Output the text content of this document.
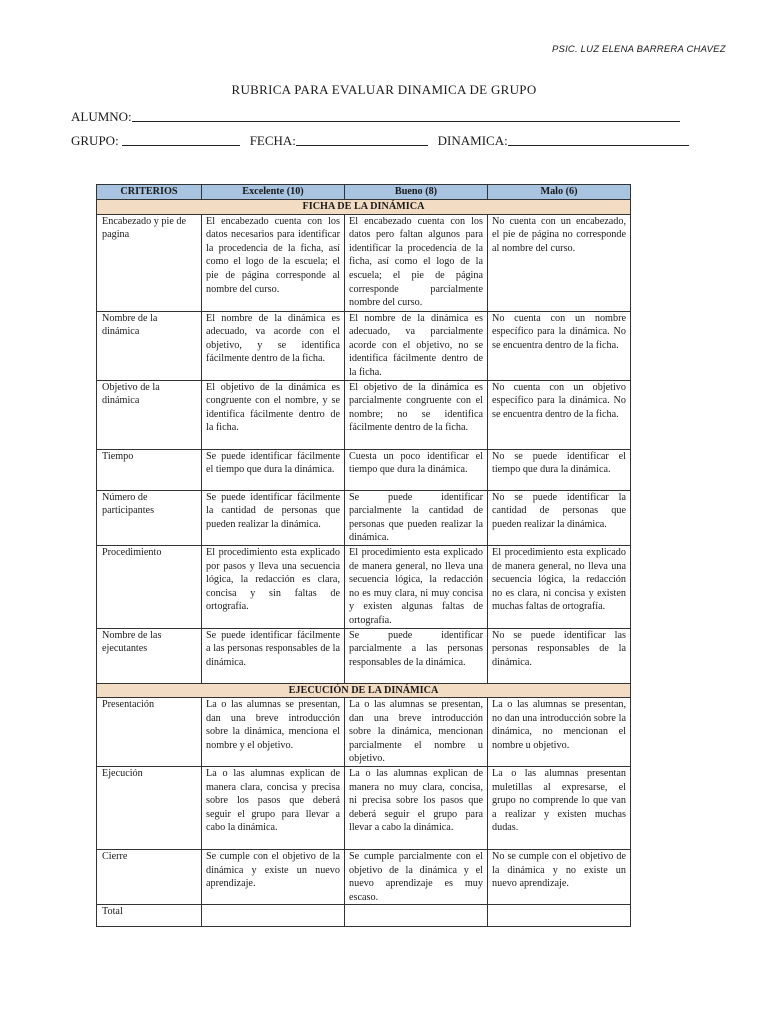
PSIC. LUZ ELENA BARRERA CHAVEZ
RUBRICA PARA EVALUAR DINAMICA DE GRUPO
ALUMNO:
GRUPO:	FECHA:	DINAMICA:
CRITERIOS	Excelente (10)	Bueno (8)	Malo (6)
FICHA DE LA DINÁMICA			
Encabezado y pie de pagina	El encabezado cuenta con los datos necesarios para identificar la procedencia de la ficha, así como el logo de la escuela; el pie de página corresponde al nombre del curso.	El encabezado cuenta con los datos pero faltan algunos para identificar la procedencia de la ficha, así como el logo de la escuela; el pie de página corresponde parcialmente nombre del curso.	No cuenta con un encabezado, el pie de página no corresponde al nombre del curso.
Nombre de la dinámica	El nombre de la dinámica es adecuado, va acorde con el objetivo, y se identifica fácilmente dentro de la ficha.	El nombre de la dinámica es adecuado, va parcialmente acorde con el objetivo, no se identifica fácilmente dentro de la ficha.	No cuenta con un nombre específico para la dinámica. No se encuentra dentro de la ficha.
Objetivo de la dinámica	El objetivo de la dinámica es congruente con el nombre, y se identifica fácilmente dentro de la ficha.	El objetivo de la dinámica es parcialmente congruente con el nombre; no se identifica fácilmente dentro de la ficha.	No cuenta con un objetivo específico para la dinámica. No se encuentra dentro de la ficha.
Tiempo	Se puede identificar fácilmente el tiempo que dura la dinámica.	Cuesta un poco identificar el tiempo que dura la dinámica.	No se puede identificar el tiempo que dura la dinámica.
Número de participantes	Se puede identificar fácilmente la cantidad de personas que pueden realizar la dinámica.	Se puede identificar parcialmente la cantidad de personas que pueden realizar la dinámica.	No se puede identificar la cantidad de personas que pueden realizar la dinámica.
Procedimiento	El procedimiento esta explicado por pasos y lleva una secuencia lógica, la redacción es clara, concisa y sin faltas de ortografía.	El procedimiento esta explicado de manera general, no lleva una secuencia lógica, la redacción no es muy clara, ni muy concisa y existen algunas faltas de ortografía.	El procedimiento esta explicado de manera general, no lleva una secuencia lógica, la redacción no es clara, ni concisa y existen muchas faltas de ortografía.
Nombre de las ejecutantes	Se puede identificar fácilmente a las personas responsables de la dinámica.	Se puede identificar parcialmente a las personas responsables de la dinámica.	No se puede identificar las personas responsables de la dinámica.
EJECUCIÓN DE LA DINÁMICA			
Presentación	La o las alumnas se presentan, dan una breve introducción sobre la dinámica, menciona el nombre y el objetivo.	La o las alumnas se presentan, dan una breve introducción sobre la dinámica, mencionan parcialmente el nombre u objetivo.	La o las alumnas se presentan, no dan una introducción sobre la dinámica, no mencionan el nombre u objetivo.
Ejecución	La o las alumnas explican de manera clara, concisa y precisa sobre los pasos que deberá seguir el grupo para llevar a cabo la dinámica.	La o las alumnas explican de manera no muy clara, concisa, ni precisa sobre los pasos que deberá seguir el grupo para llevar a cabo la dinámica.	La o las alumnas presentan muletillas al expresarse, el grupo no comprende lo que van a realizar y existen muchas dudas.
Cierre	Se cumple con el objetivo de la dinámica y existe un nuevo aprendizaje.	Se cumple parcialmente con el objetivo de la dinámica y el nuevo aprendizaje es muy escaso.	No se cumple con el objetivo de la dinámica y no existe un nuevo aprendizaje.
Total			
